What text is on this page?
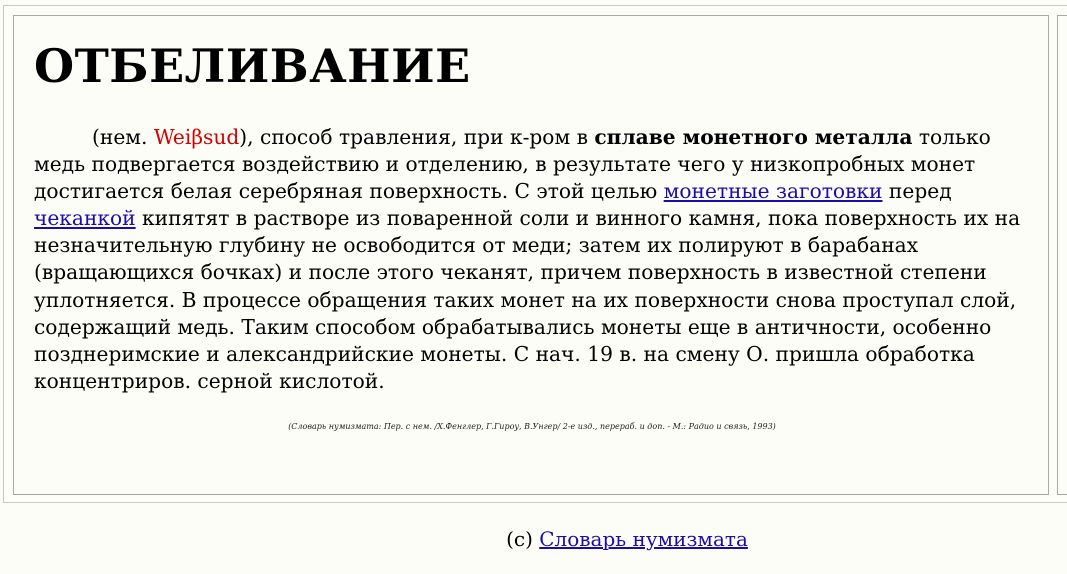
ОТБЕЛИВАНИЕ

(нем. Weiβsud), способ травления, при к-ром в сплаве монетного металла только медь подвергается воздействию и отделению, в результате чего у низкопробных монет достигается белая серебряная поверхность. С этой целью монетные заготовки перед чеканкой кипятят в растворе из поваренной соли и винного камня, пока поверхность их на незначительную глубину не освободится от меди; затем их полируют в барабанах (вращающихся бочках) и после этого чеканят, причем поверхность в известной степени уплотняется. В процессе обращения таких монет на их поверхности снова проступал слой, содержащий медь. Таким способом обрабатывались монеты еще в античности, особенно позднеримские и александрийские монеты. С нач. 19 в. на смену О. пришла обработка концентриров. серной кислотой.

(Словарь нумизмата: Пер. с нем. /Х.Фенглер, Г.Гироу, В.Унгер/ 2-е изд., перераб. и доп. - М.: Радио и связь, 1993)
(c) Словарь нумизмата
